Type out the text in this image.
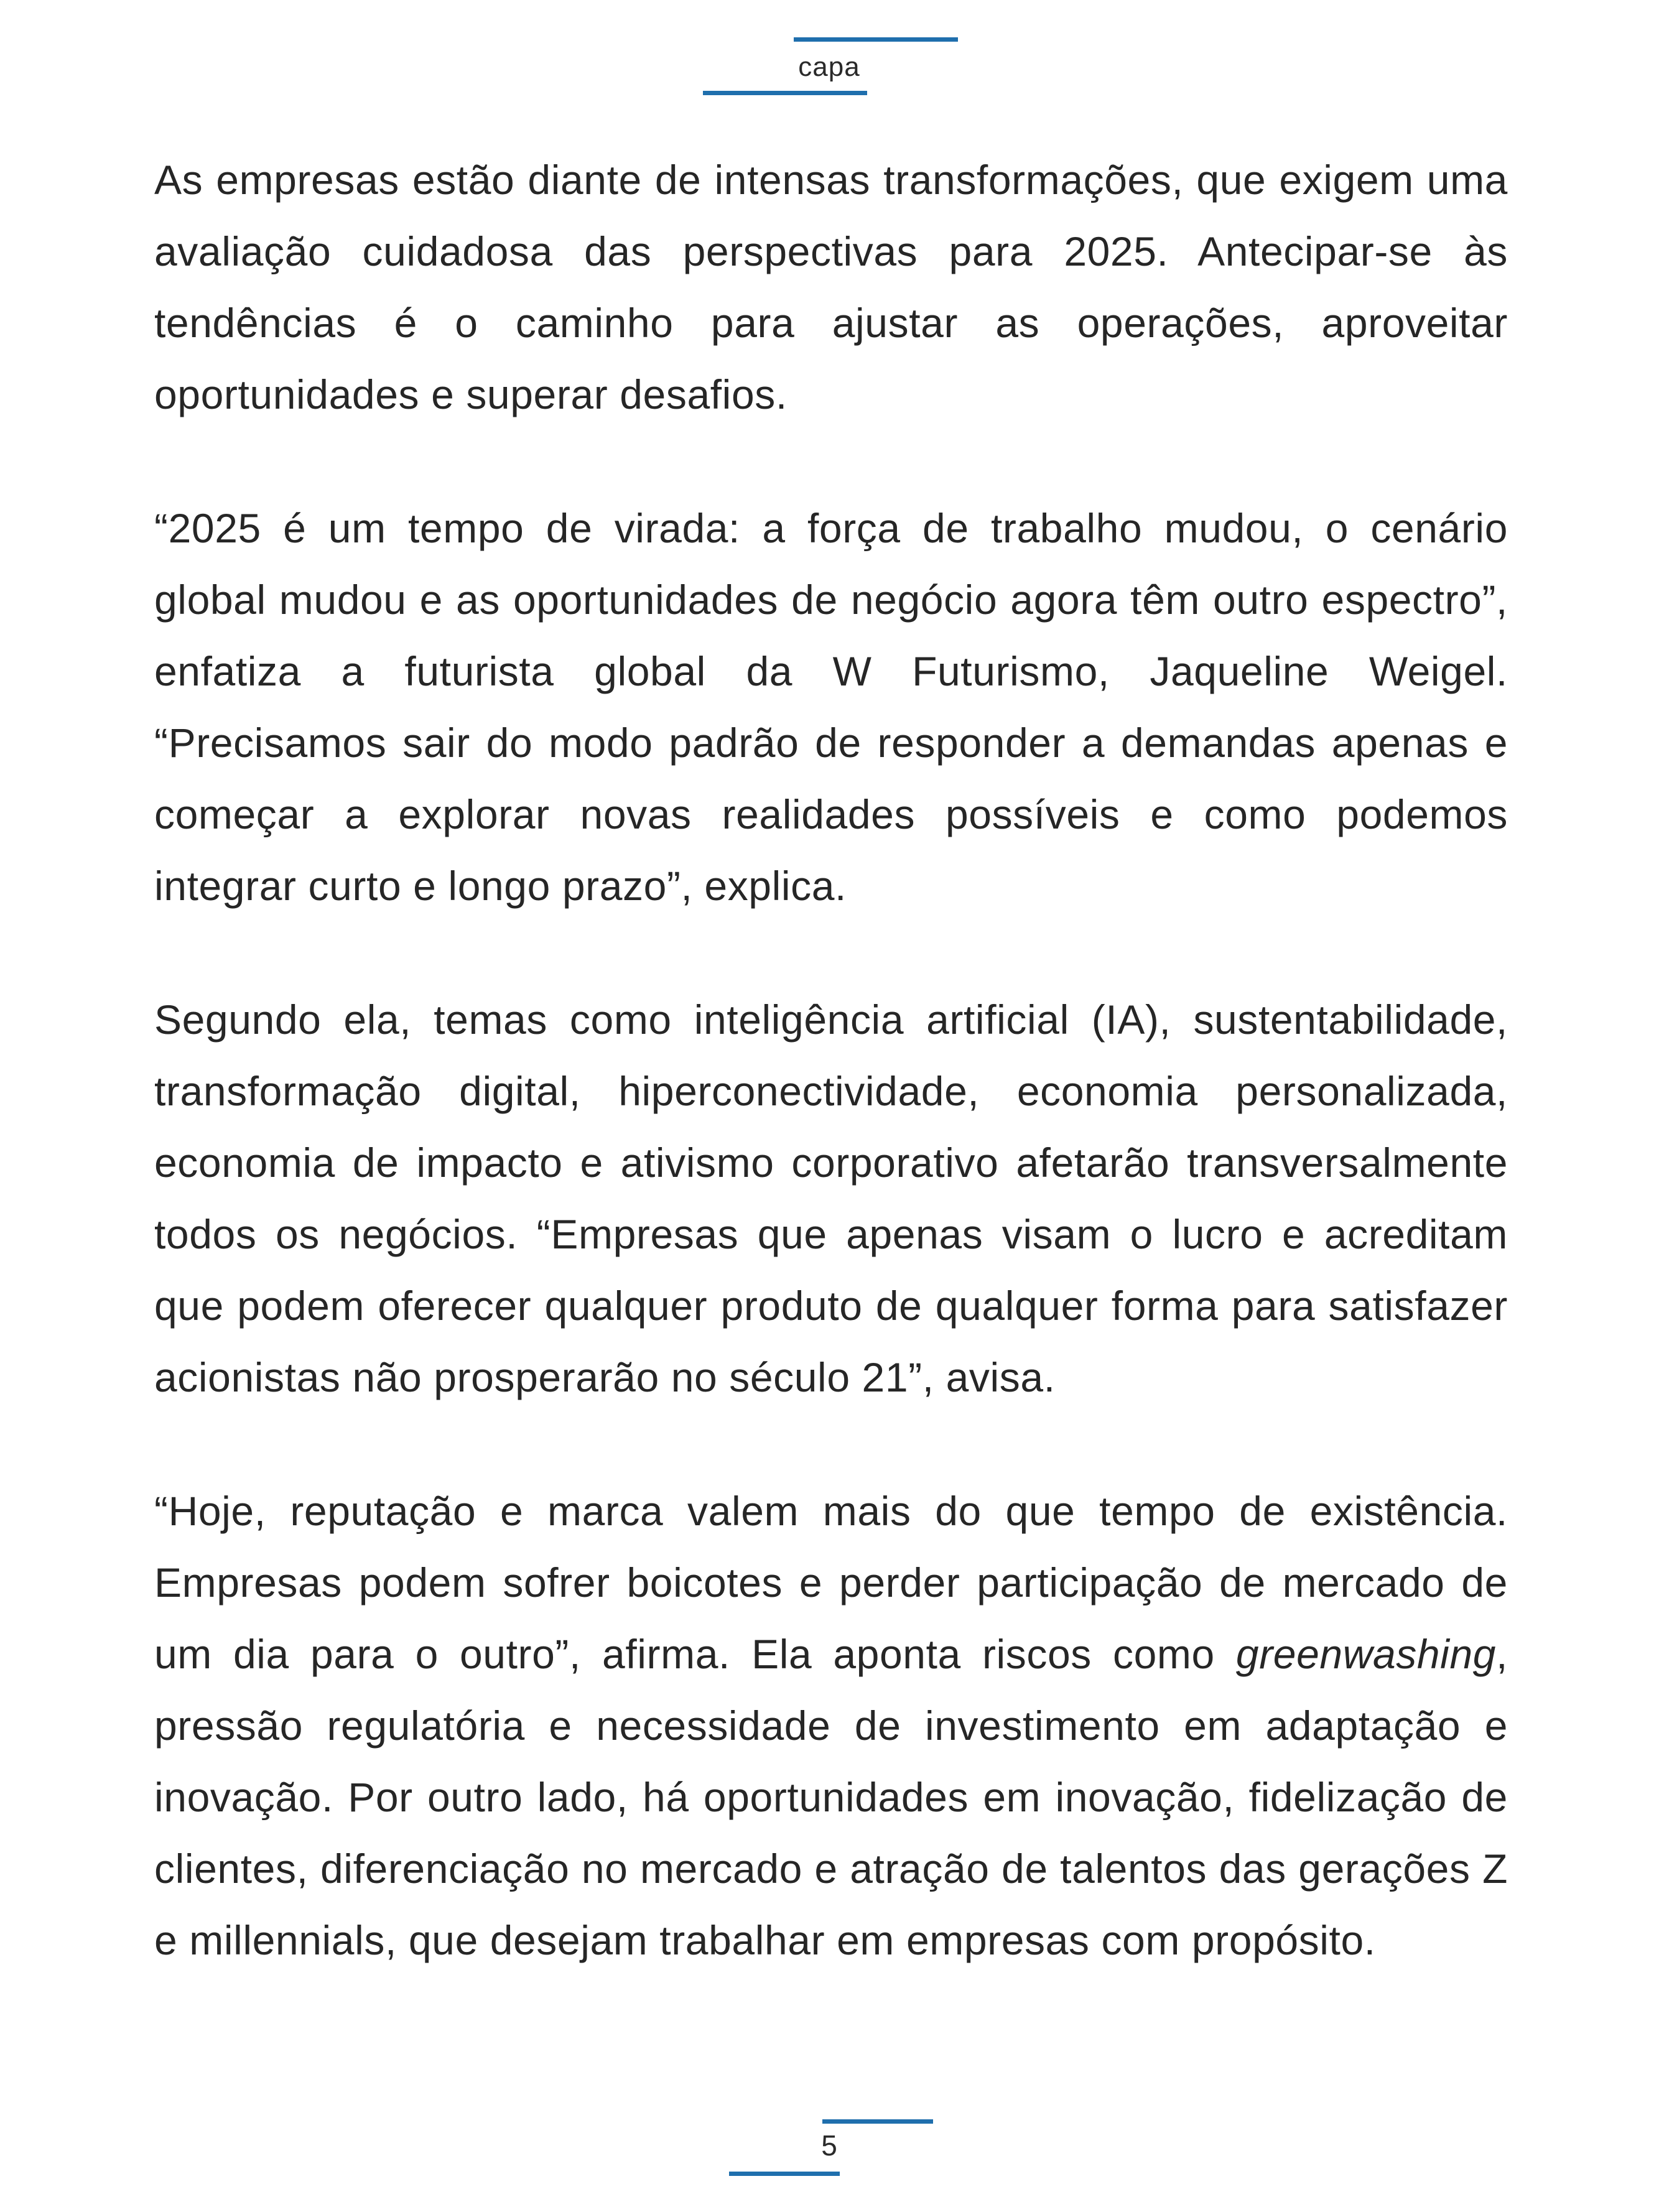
capa

As empresas estão diante de intensas transformações, que exigem uma avaliação cuidadosa das perspectivas para 2025. Antecipar-se às tendências é o caminho para ajustar as operações, aproveitar oportunidades e superar desafios.

“2025 é um tempo de virada: a força de trabalho mudou, o cenário global mudou e as oportunidades de negócio agora têm outro espectro”, enfatiza a futurista global da W Futurismo, Jaqueline Weigel. “Precisamos sair do modo padrão de responder a demandas apenas e começar a explorar novas realidades possíveis e como podemos integrar curto e longo prazo”, explica.

Segundo ela, temas como inteligência artificial (IA), sustentabilidade, transformação digital, hiperconectividade, economia personalizada, economia de impacto e ativismo corporativo afetarão transversalmente todos os negócios. “Empresas que apenas visam o lucro e acreditam que podem oferecer qualquer produto de qualquer forma para satisfazer acionistas não prosperarão no século 21”, avisa.

“Hoje, reputação e marca valem mais do que tempo de existência. Empresas podem sofrer boicotes e perder participação de mercado de um dia para o outro”, afirma. Ela aponta riscos como greenwashing, pressão regulatória e necessidade de investimento em adaptação e inovação. Por outro lado, há oportunidades em inovação, fidelização de clientes, diferenciação no mercado e atração de talentos das gerações Z e millennials, que desejam trabalhar em empresas com propósito.

5
